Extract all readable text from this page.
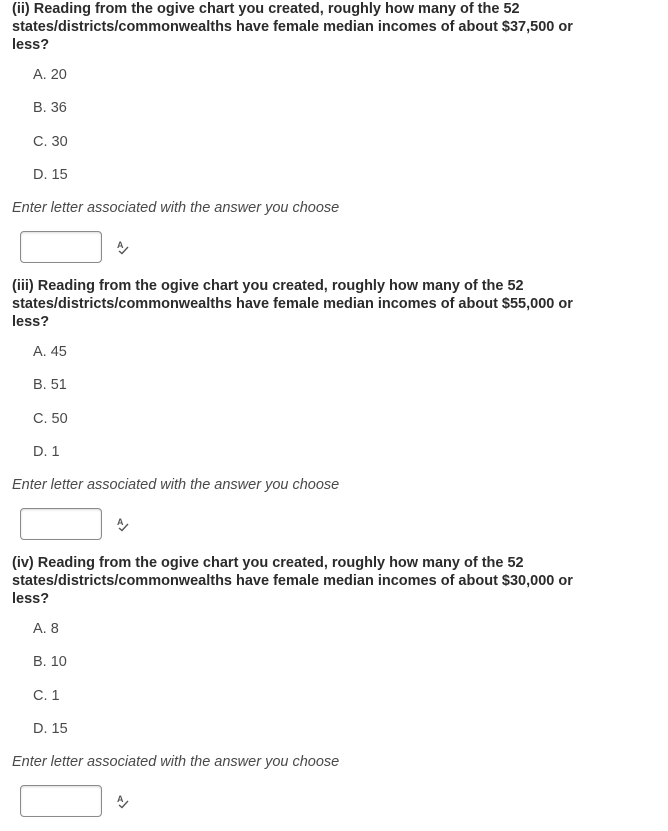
(ii) Reading from the ogive chart you created, roughly how many of the 52
states/districts/commonwealths have female median incomes of about $37,500 or
less?

A. 20
B. 36
C. 30
D. 15

Enter letter associated with the answer you choose

A

(iii) Reading from the ogive chart you created, roughly how many of the 52
states/districts/commonwealths have female median incomes of about $55,000 or
less?

A. 45
B. 51
C. 50
D. 1

Enter letter associated with the answer you choose

A

(iv) Reading from the ogive chart you created, roughly how many of the 52
states/districts/commonwealths have female median incomes of about $30,000 or
less?

A. 8
B. 10
C. 1
D. 15

Enter letter associated with the answer you choose

A
